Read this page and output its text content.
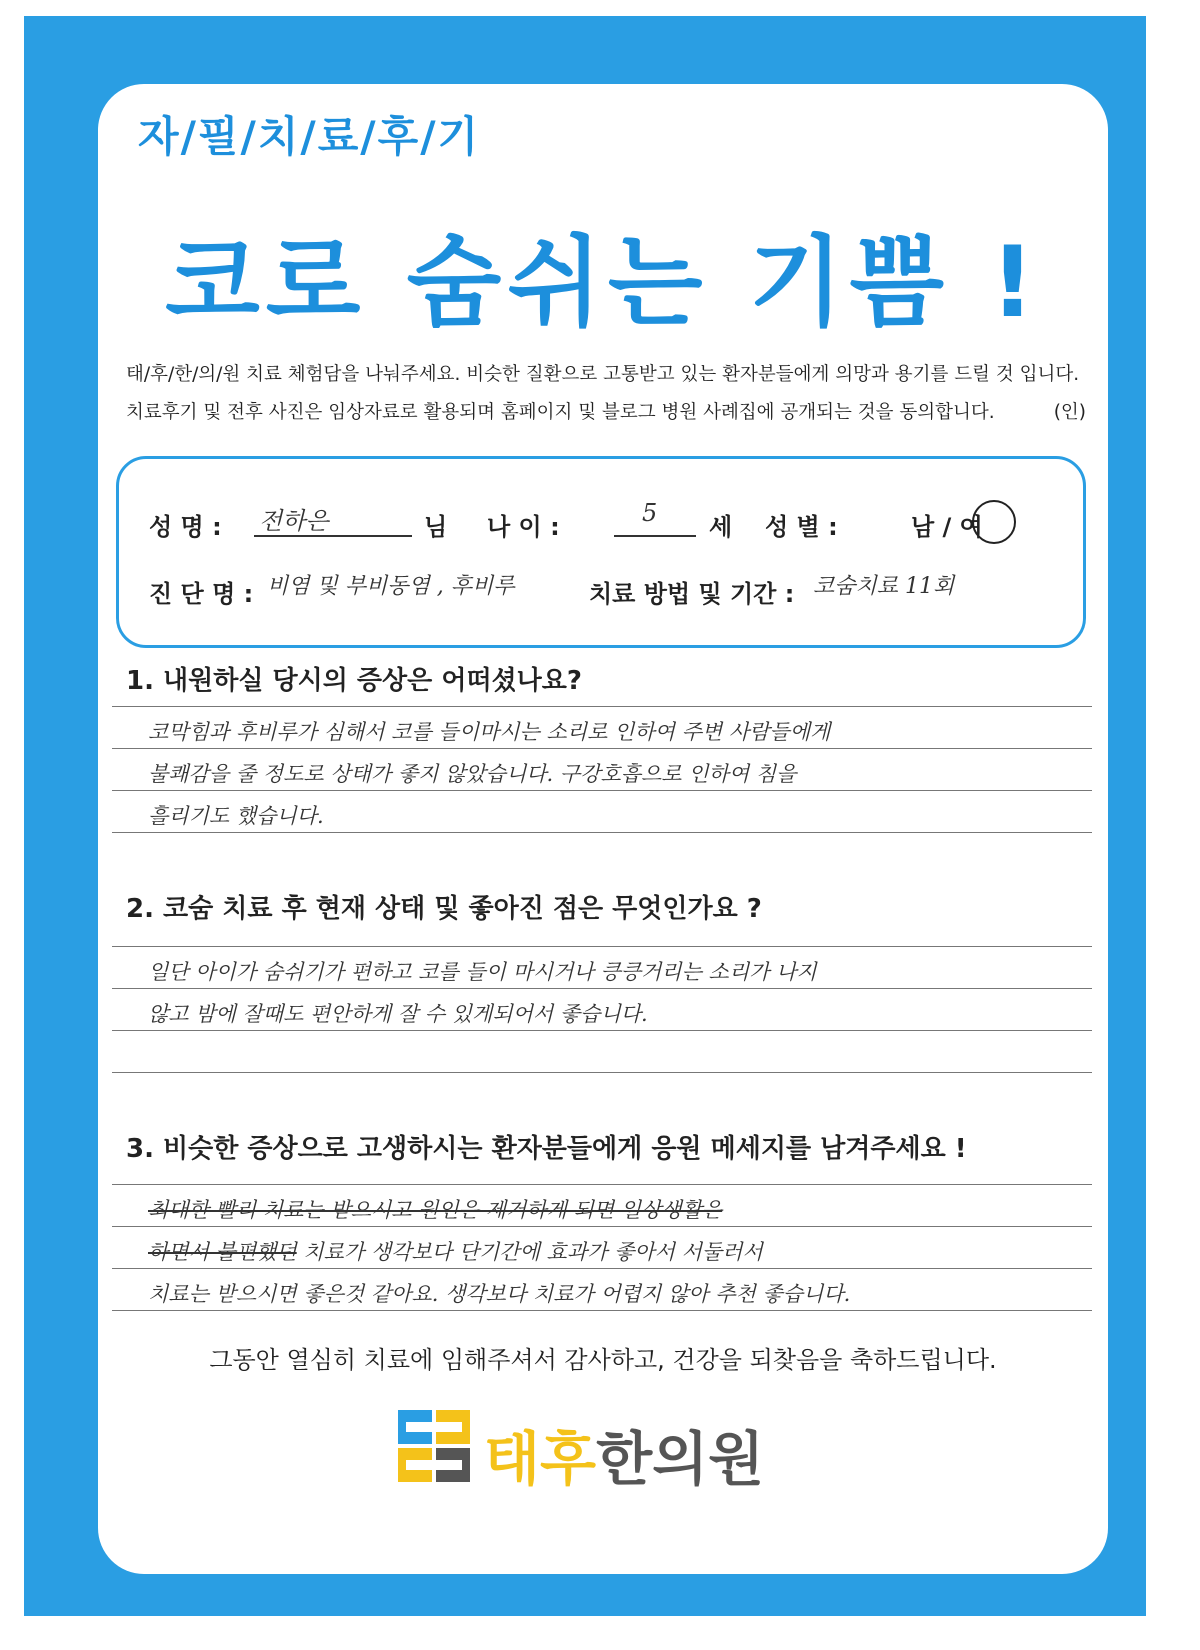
자/필/치/료/후/기
코로 숨쉬는 기쁨 !
태/후/한/의/원 치료 체험담을 나눠주세요. 비슷한 질환으로 고통받고 있는 환자분들에게 의망과 용기를 드릴 것 입니다.
치료후기 및 전후 사진은 임상자료로 활용되며 홈페이지 및 블로그 병원 사례집에 공개되는 것을 동의합니다.	(인)
성 명 : 전하은	님 나 이 :	5 세 성 별 :	남 / 여
진 단 명 : 비염 및 부비동염 , 후비루	치료 방법 및 기간 : 코숨치료 11회
1. 내원하실 당시의 증상은 어떠셨나요?
코막힘과 후비루가 심해서 코를 들이마시는 소리로 인하여 주변 사람들에게
불쾌감을 줄 정도로 상태가 좋지 않았습니다. 구강호흡으로 인하여 침을
흘리기도 했습니다.
2. 코숨 치료 후 현재 상태 및 좋아진 점은 무엇인가요 ?
일단 아이가 숨쉬기가 편하고 코를 들이 마시거나 킁킁거리는 소리가 나지
않고 밤에 잘때도 편안하게 잘 수 있게되어서 좋습니다.
3. 비슷한 증상으로 고생하시는 환자분들에게 응원 메세지를 남겨주세요 !
최대한 빨리 치료는 받으시고 원인은 제거하게 되면 일상생활은
하면서 불편했던 치료가 생각보다 단기간에 효과가 좋아서 서둘러서
치료는 받으시면 좋은것 같아요. 생각보다 치료가 어렵지 않아 추천 좋습니다.
그동안 열심히 치료에 임해주셔서 감사하고, 건강을 되찾음을 축하드립니다.
태후한의원
